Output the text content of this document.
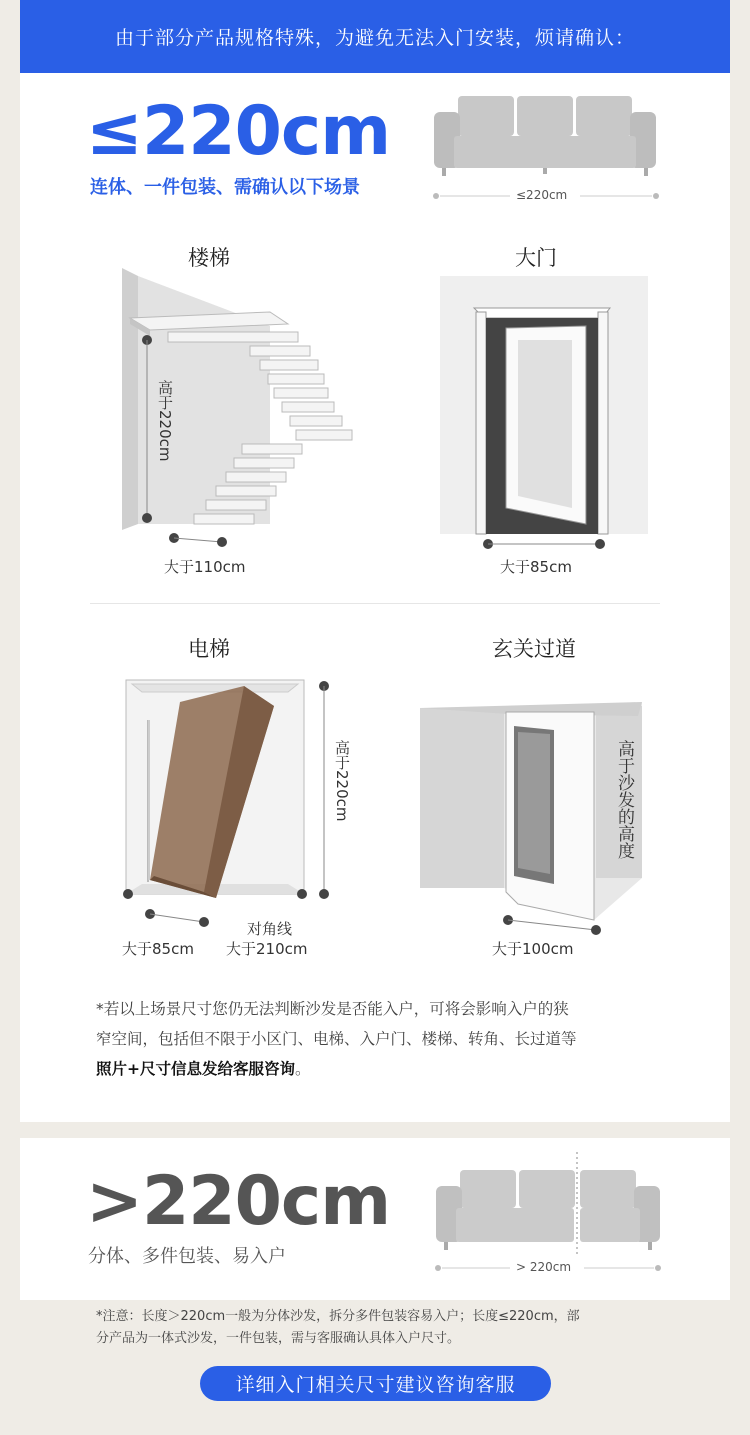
由于部分产品规格特殊，为避免无法入门安装，烦请确认：
≤220cm
连体、一件包装、需确认以下场景	≤220cm
楼梯	大门
高于220cm
大于110cm	大于85cm
电梯	玄关过道
高于220cm
对角线
大于85cm 大于210cm
高于沙发的高度
大于100cm
*若以上场景尺寸您仍无法判断沙发是否能入户，可将会影响入户的狭
窄空间，包括但不限于小区门、电梯、入户门、楼梯、转角、长过道等
照片+尺寸信息发给客服咨询。
>220cm
分体、多件包装、易入户	> 220cm
*注意：长度＞220cm一般为分体沙发，拆分多件包装容易入户；长度≤220cm，部
分产品为一体式沙发，一件包装，需与客服确认具体入户尺寸。
详细入门相关尺寸建议咨询客服
